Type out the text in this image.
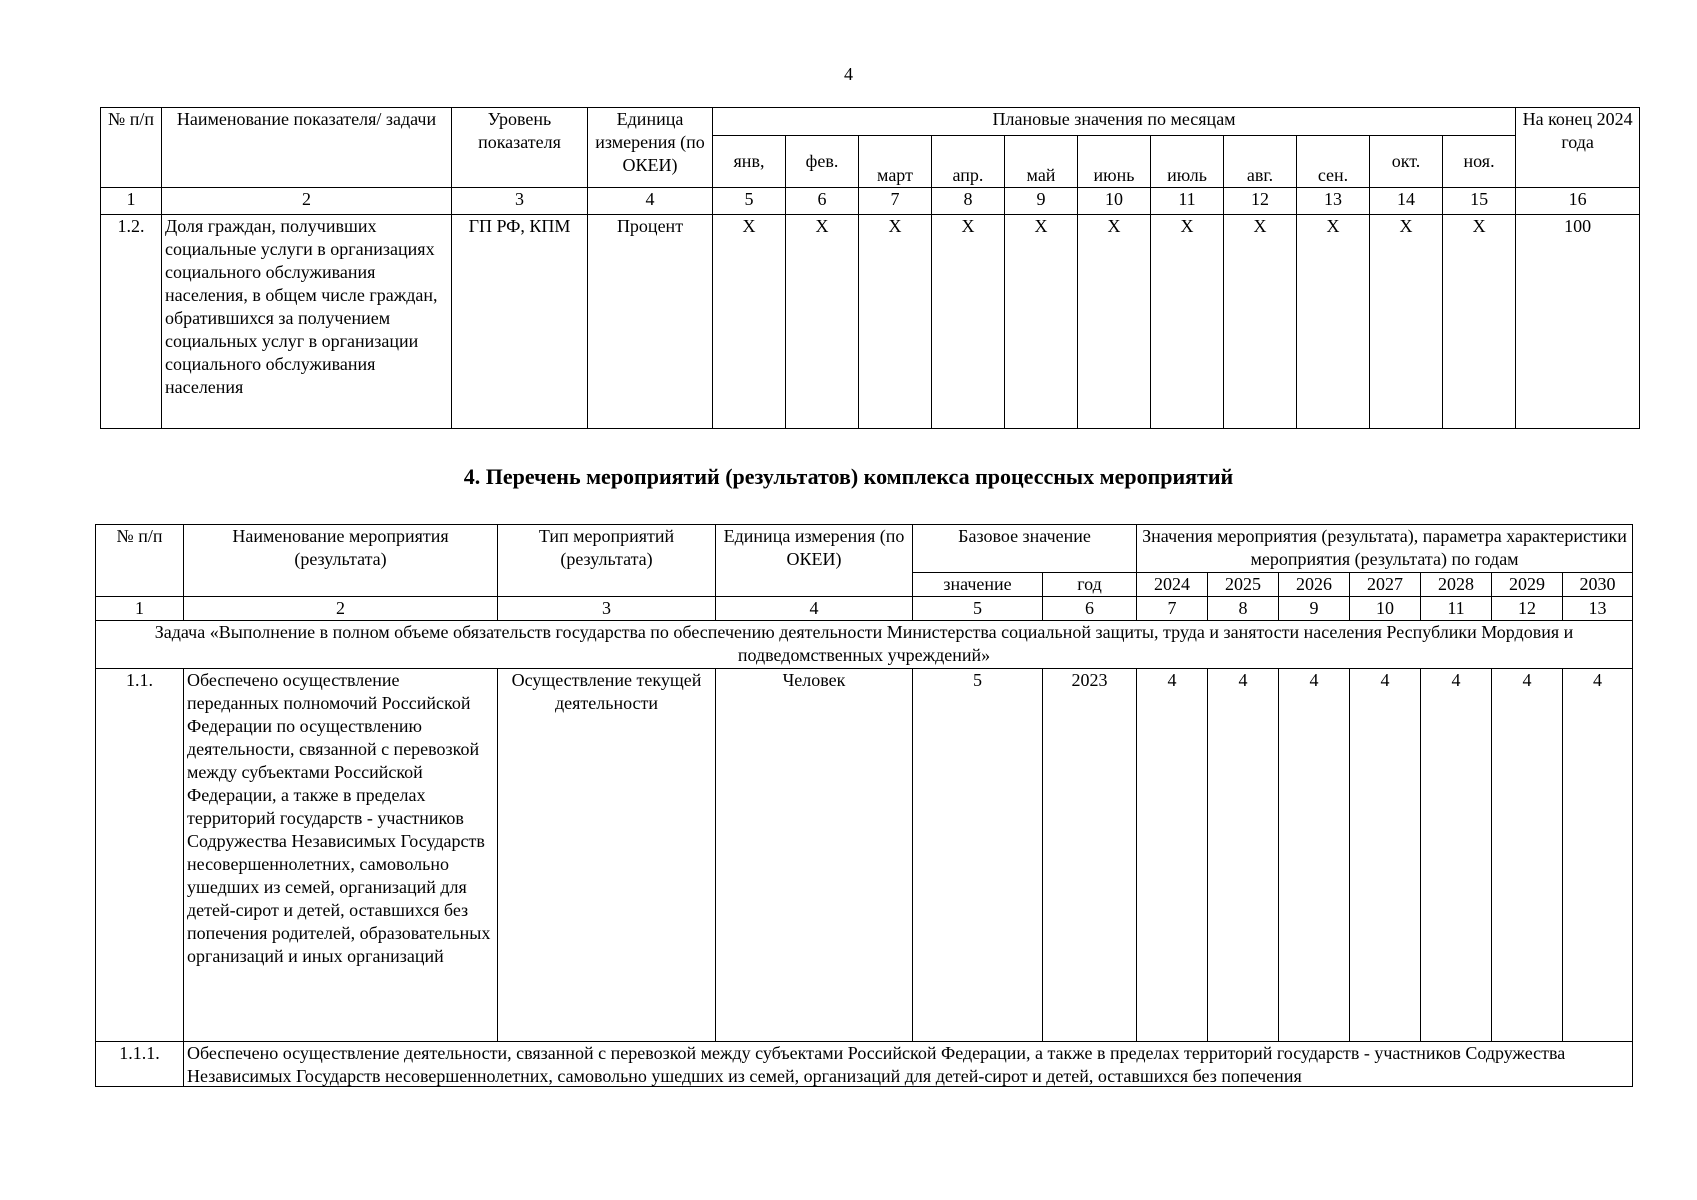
4
№ п/п	Наименование показателя/ задачи	Уровень показателя	Единица измерения (по ОКЕИ)	Плановые значения по месяцам											На конец 2024 года
				янв,	фев.	март	апр.	май	июнь	июль	авг.	сен.	окт.	ноя.	
1	2	3	4	5	6	7	8	9	10	11	12	13	14	15	16
1.2.	Доля граждан, получивших социальные услуги в организациях социального обслуживания населения, в общем числе граждан, обратившихся за получением социальных услуг в организации социального обслуживания населения	ГП РФ, КПМ	Процент	X	X	X	X	X	X	X	X	X	X	X	100
4. Перечень мероприятий (результатов) комплекса процессных мероприятий
№ п/п	Наименование мероприятия (результата)	Тип мероприятий (результата)	Единица измерения (по ОКЕИ)	Базовое значение		Значения мероприятия (результата), параметра характеристики мероприятия (результата) по годам						
				значение	год	2024	2025	2026	2027	2028	2029	2030
1	2	3	4	5	6	7	8	9	10	11	12	13
Задача «Выполнение в полном объеме обязательств государства по обеспечению деятельности Министерства социальной защиты, труда и занятости населения Республики Мордовия и подведомственных учреждений»												
1.1.	Обеспечено осуществление переданных полномочий Российской Федерации по осуществлению деятельности, связанной с перевозкой между субъектами Российской Федерации, а также в пределах территорий государств - участников Содружества Независимых Государств несовершеннолетних, самовольно ушедших из семей, организаций для детей-сирот и детей, оставшихся без попечения родителей, образовательных организаций и иных организаций	Осуществление текущей деятельности	Человек	5	2023	4	4	4	4	4	4	4
1.1.1.	Обеспечено осуществление деятельности, связанной с перевозкой между субъектами Российской Федерации, а также в пределах территорий государств - участников Содружества Независимых Государств несовершеннолетних, самовольно ушедших из семей, организаций для детей-сирот и детей, оставшихся без попечения											
